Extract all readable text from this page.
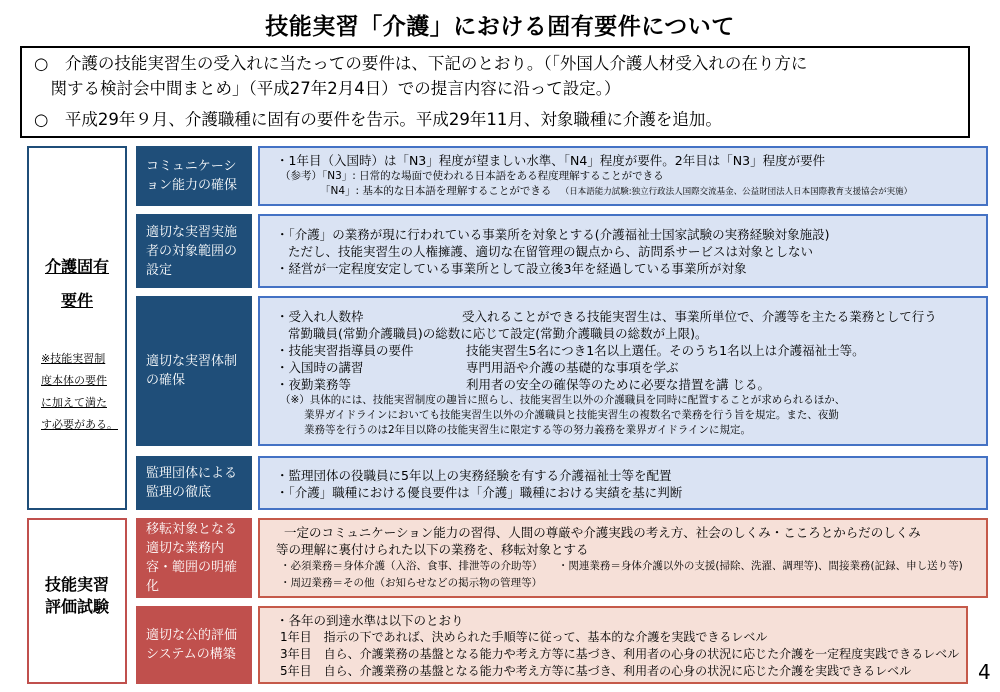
技能実習「介護」における固有要件について
○　介護の技能実習生の受入れに当たっての要件は、下記のとおり。（「外国人介護人材受入れの在り方に
　関する検討会中間まとめ」（平成27年2月4日）での提言内容に沿って設定。）
○　平成29年９月、介護職種に固有の要件を告示。平成29年11月、対象職種に介護を追加。
介護固有
要件
※技能実習制
度本体の要件
に加えて満た
す必要がある。
技能実習
評価試験
コミュニケーション能力の確保
・1年目（入国時）は「N3」程度が望ましい水準、「N4」程度が要件。2年目は「N3」程度が要件
（参考）「N3」: 日常的な場面で使われる日本語をある程度理解することができる
「N4」: 基本的な日本語を理解することができる （日本語能力試験:独立行政法人国際交流基金、公益財団法人日本国際教育支援協会が実施）
適切な実習実施者の対象範囲の設定
・「介護」の業務が現に行われている事業所を対象とする(介護福祉士国家試験の実務経験対象施設)
ただし、技能実習生の人権擁護、適切な在留管理の観点から、訪問系サービスは対象としない
・経営が一定程度安定している事業所として設立後3年を経過している事業所が対象
適切な実習体制の確保
・受入れ人数枠	受入れることができる技能実習生は、事業所単位で、介護等を主たる業務として行う
常勤職員(常勤介護職員)の総数に応じて設定(常勤介護職員の総数が上限)。
・技能実習指導員の要件	技能実習生5名につき1名以上選任。そのうち1名以上は介護福祉士等。
・入国時の講習	専門用語や介護の基礎的な事項を学ぶ
・夜勤業務等	利用者の安全の確保等のために必要な措置を講 じる。
（※）具体的には、技能実習制度の趣旨に照らし、技能実習生以外の介護職員を同時に配置することが求められるほか、
業界ガイドラインにおいても技能実習生以外の介護職員と技能実習生の複数名で業務を行う旨を規定。また、夜勤
業務等を行うのは2年目以降の技能実習生に限定する等の努力義務を業界ガイドラインに規定。
監理団体による監理の徹底
・監理団体の役職員に5年以上の実務経験を有する介護福祉士等を配置
・「介護」職種における優良要件は「介護」職種における実績を基に判断
移転対象となる適切な業務内容・範囲の明確化
一定のコミュニケーション能力の習得、人間の尊厳や介護実践の考え方、社会のしくみ・こころとからだのしくみ
等の理解に裏付けられた以下の業務を、移転対象とする
・必須業務＝身体介護（入浴、食事、排泄等の介助等） ・関連業務＝身体介護以外の支援(掃除、洗濯、調理等)、間接業務(記録、申し送り等)
・周辺業務＝その他（お知らせなどの掲示物の管理等）
適切な公的評価システムの構築
・各年の到達水準は以下のとおり
1年目　指示の下であれば、決められた手順等に従って、基本的な介護を実践できるレベル
3年目　自ら、介護業務の基盤となる能力や考え方等に基づき、利用者の心身の状況に応じた介護を一定程度実践できるレベル
5年目　自ら、介護業務の基盤となる能力や考え方等に基づき、利用者の心身の状況に応じた介護を実践できるレベル	4
